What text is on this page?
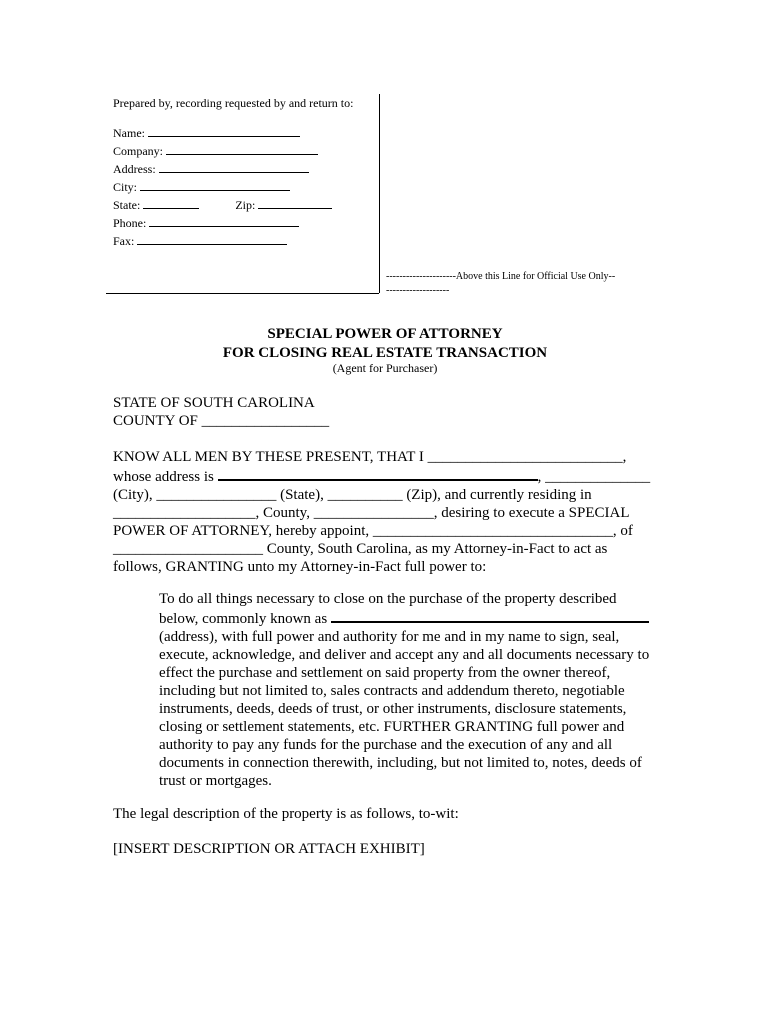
Prepared by, recording requested by and return to:
Name:
Company:
Address:
City:
State:	Zip:
Phone:
Fax:
---------------------Above this Line for Official Use Only---------------------
SPECIAL POWER OF ATTORNEY
FOR CLOSING REAL ESTATE TRANSACTION
(Agent for Purchaser)
STATE OF SOUTH CAROLINA
COUNTY OF _________________
KNOW ALL MEN BY THESE PRESENT, THAT I __________________________,
whose address is	, ______________
(City), ________________ (State), __________ (Zip), and currently residing in
___________________, County, ________________, desiring to execute a SPECIAL
POWER OF ATTORNEY, hereby appoint, ________________________________, of
____________________ County, South Carolina, as my Attorney-in-Fact to act as
follows, GRANTING unto my Attorney-in-Fact full power to:
To do all things necessary to close on the purchase of the property described
below, commonly known as
(address), with full power and authority for me and in my name to sign, seal,
execute, acknowledge, and deliver and accept any and all documents necessary to
effect the purchase and settlement on said property from the owner thereof,
including but not limited to, sales contracts and addendum thereto, negotiable
instruments, deeds, deeds of trust, or other instruments, disclosure statements,
closing or settlement statements, etc. FURTHER GRANTING full power and
authority to pay any funds for the purchase and the execution of any and all
documents in connection therewith, including, but not limited to, notes, deeds of
trust or mortgages.
The legal description of the property is as follows, to-wit:
[INSERT DESCRIPTION OR ATTACH EXHIBIT]
